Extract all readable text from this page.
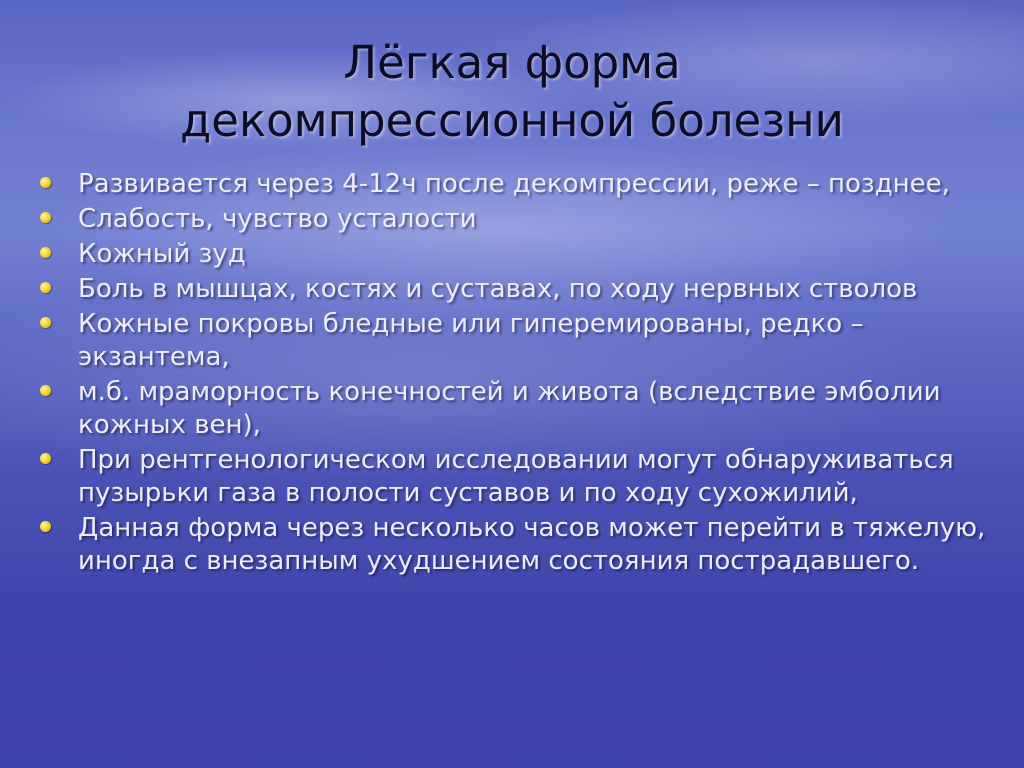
Лёгкая форма
декомпрессионной болезни
Развивается через 4-12ч после декомпрессии, реже – позднее,
Слабость, чувство усталости
Кожный зуд
Боль в мышцах, костях и суставах, по ходу нервных стволов
Кожные покровы бледные или гиперемированы, редко – экзантема,
м.б. мраморность конечностей и живота (вследствие эмболии кожных вен),
При рентгенологическом исследовании могут обнаруживаться пузырьки газа в полости суставов и по ходу сухожилий,
Данная форма через несколько часов может перейти в тяжелую, иногда с внезапным ухудшением состояния пострадавшего.
